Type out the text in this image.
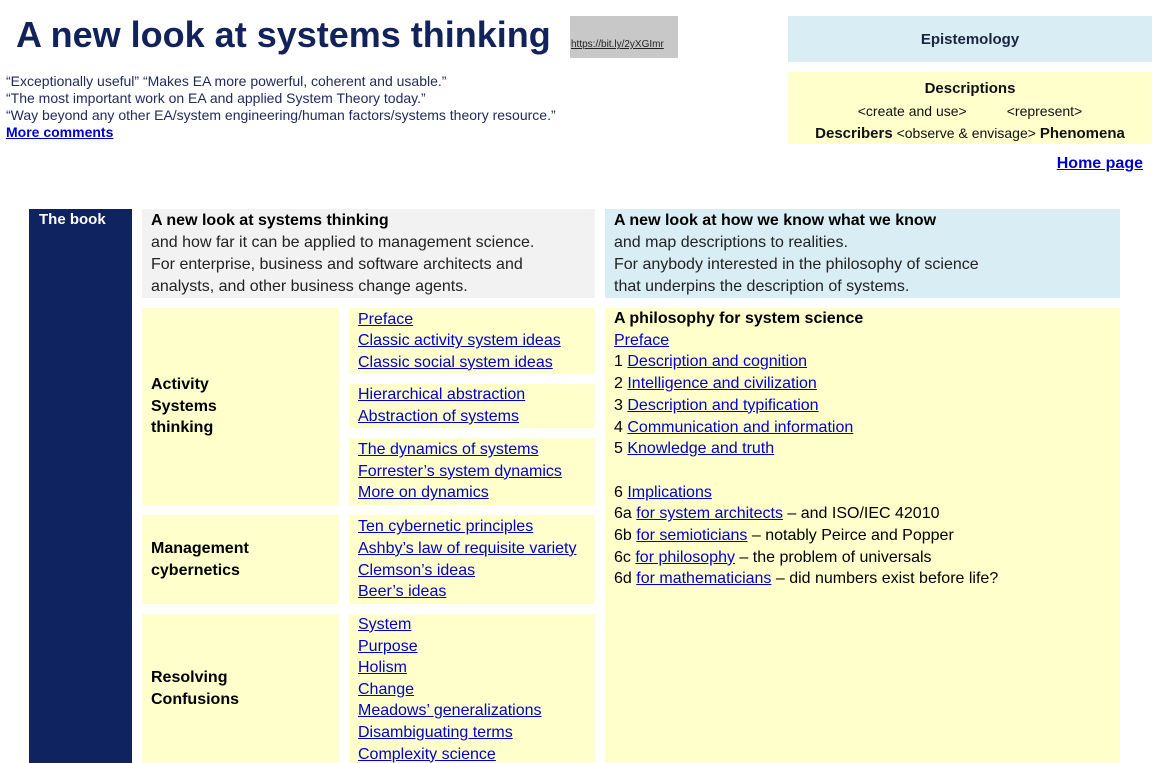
A new look at systems thinking https://bit.ly/2yXGImr
“Exceptionally useful” “Makes EA more powerful, coherent and usable.”
“The most important work on EA and applied System Theory today.”
“Way beyond any other EA/system engineering/human factors/systems theory resource.”
More comments
Epistemology
Descriptions
<create and use>	<represent>
Describers <observe & envisage> Phenomena
Home page
The book	A new look at systems thinking
and how far it can be applied to management science.
For enterprise, business and software architects and
analysts, and other business change agents.
A new look at how we know what we know
and map descriptions to realities.
For anybody interested in the philosophy of science
that underpins the description of systems.
Activity
Systems
thinking
Preface
Classic activity system ideas
Classic social system ideas
Hierarchical abstraction
Abstraction of systems
The dynamics of systems
Forrester’s system dynamics
More on dynamics
Management
cybernetics
Ten cybernetic principles
Ashby’s law of requisite variety
Clemson’s ideas
Beer’s ideas
Resolving
Confusions
System
Purpose
Holism
Change
Meadows’ generalizations
Disambiguating terms
Complexity science
A philosophy for system science
Preface
1 Description and cognition
2 Intelligence and civilization
3 Description and typification
4 Communication and information
5 Knowledge and truth
6 Implications
6a for system architects – and ISO/IEC 42010
6b for semioticians – notably Peirce and Popper
6c for philosophy – the problem of universals
6d for mathematicians – did numbers exist before life?
